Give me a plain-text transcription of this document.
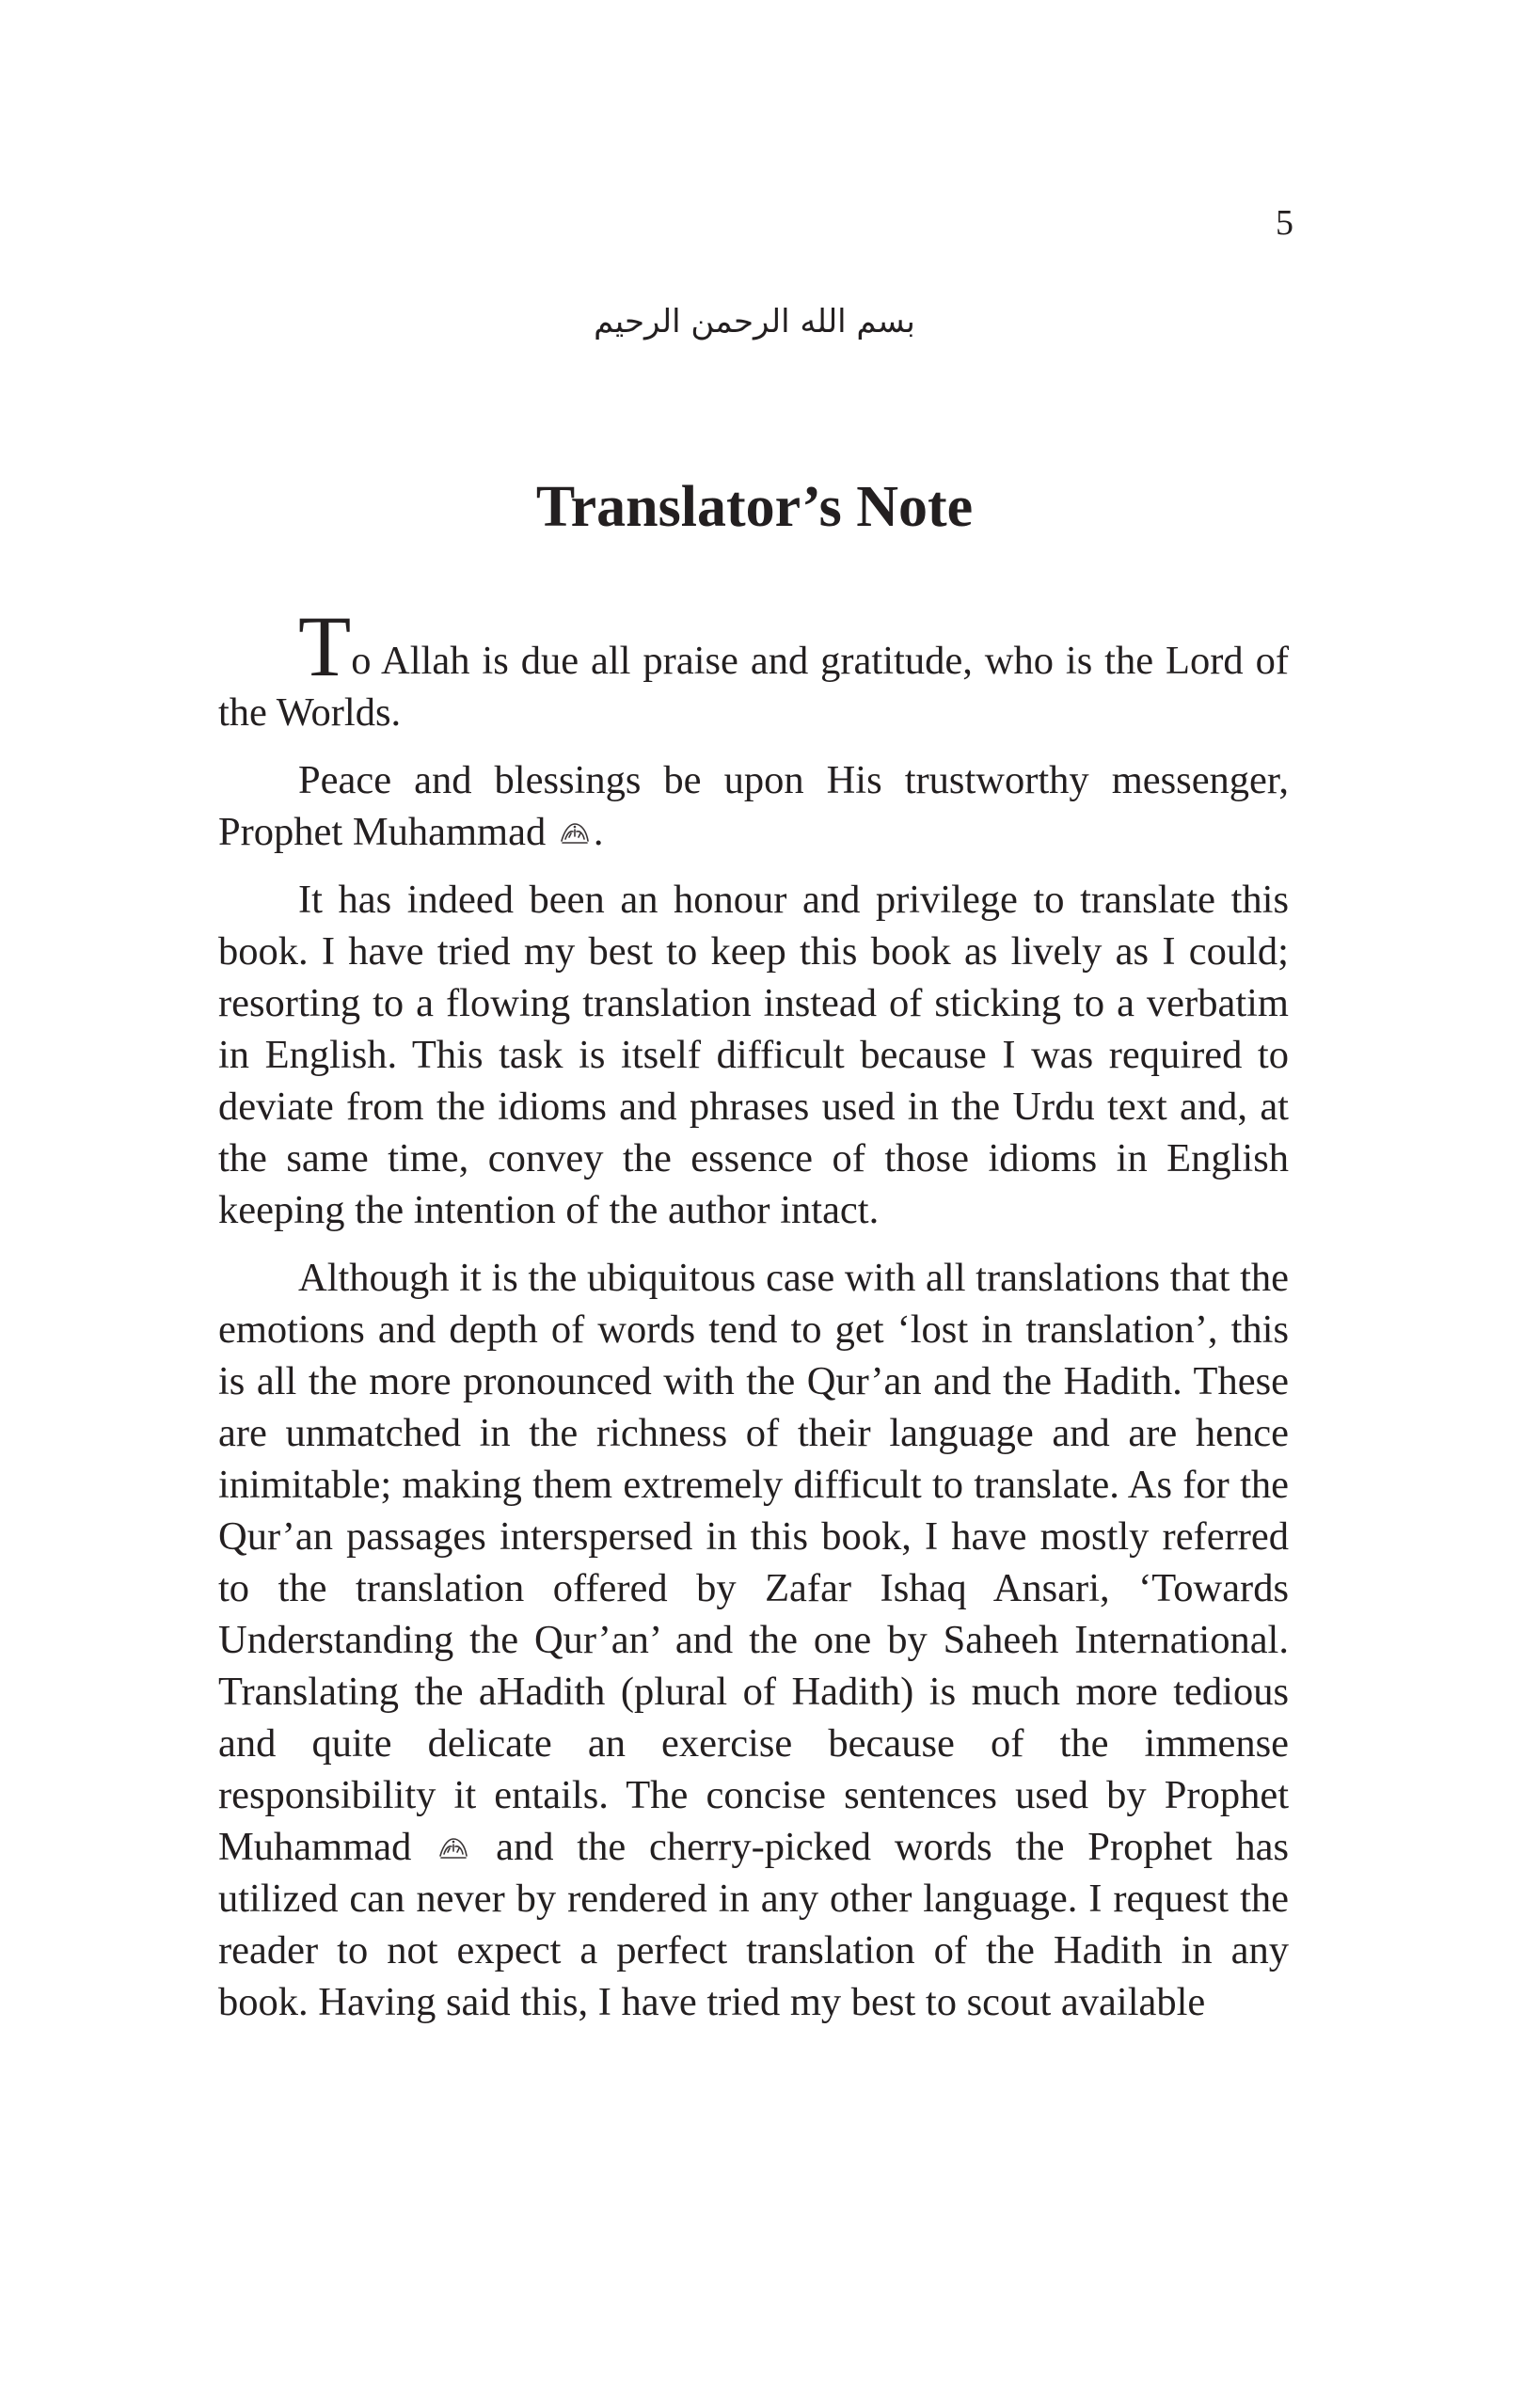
5
بسم الله الرحمن الرحيم
Translator’s Note

To Allah is due all praise and gratitude, who is the Lord of the Worlds.

Peace and blessings be upon His trustworthy messenger, Prophet Muhammad .

It has indeed been an honour and privilege to translate this book. I have tried my best to keep this book as lively as I could; resorting to a flowing translation instead of sticking to a verbatim in English. This task is itself difficult because I was required to deviate from the idioms and phrases used in the Urdu text and, at the same time, convey the essence of those idioms in English keeping the intention of the author intact.

Although it is the ubiquitous case with all translations that the emotions and depth of words tend to get ‘lost in translation’, this is all the more pronounced with the Qur’an and the Hadith. These are unmatched in the richness of their language and are hence inimitable; making them extremely difficult to translate. As for the Qur’an passages interspersed in this book, I have mostly referred to the translation offered by Zafar Ishaq Ansari, ‘Towards Understanding the Qur’an’ and the one by Saheeh International. Translating the aHadith (plural of Hadith) is much more tedious and quite delicate an exercise because of the immense responsibility it entails. The concise sentences used by Prophet Muhammad and the cherry-picked words the Prophet has utilized can never by rendered in any other language. I request the reader to not expect a perfect translation of the Hadith in any book. Having said this, I have tried my best to scout available
